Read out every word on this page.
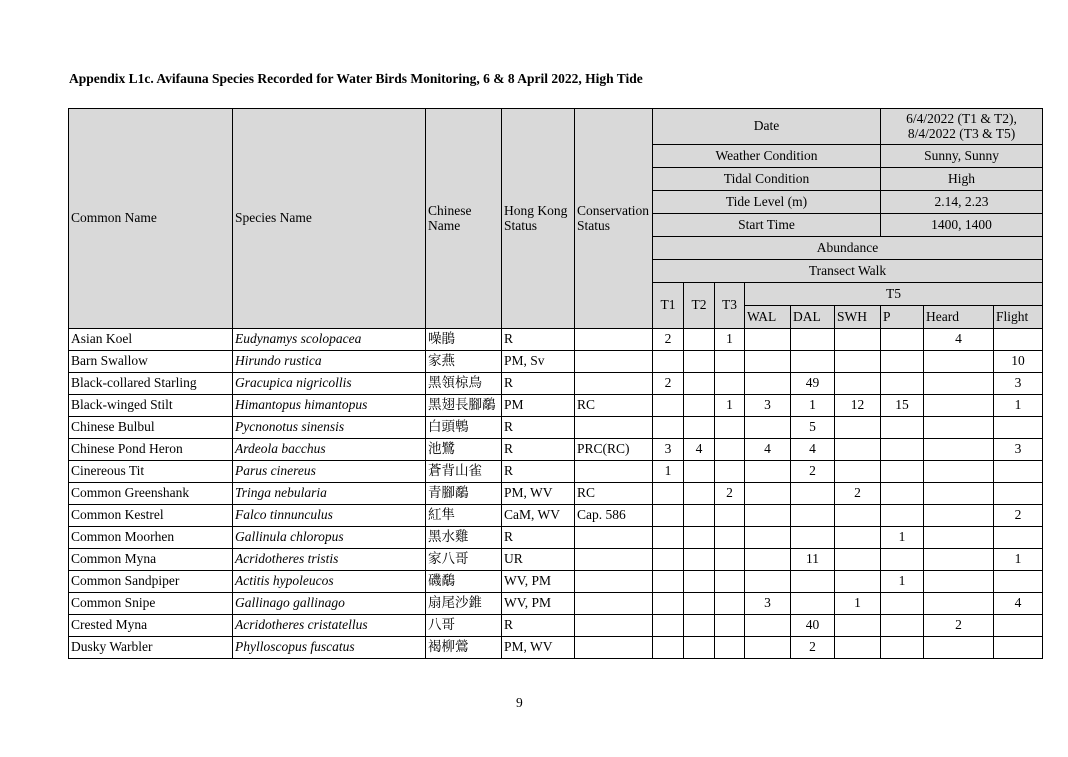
Appendix L1c. Avifauna Species Recorded for Water Birds Monitoring, 6 & 8 April 2022, High Tide
Common Name	Species Name	Chinese Name	Hong Kong Status	Conservation Status	Date						6/4/2022 (T1 & T2), 8/4/2022 (T3 & T5)		
					Weather Condition						Sunny, Sunny		
					Tidal Condition						High		
					Tide Level (m)						2.14, 2.23		
					Start Time						1400, 1400		
					Abundance								
					Transect Walk								
					T1	T2	T3	T5					
								WAL	DAL	SWH	P	Heard	Flight
Asian Koel	Eudynamys scolopacea	噪鵑	R		2		1					4	
Barn Swallow	Hirundo rustica	家燕	PM, Sv										10
Black-collared Starling	Gracupica nigricollis	黑領椋鳥	R		2				49				3
Black-winged Stilt	Himantopus himantopus	黑翅長腳鷸	PM	RC			1	3	1	12	15		1
Chinese Bulbul	Pycnonotus sinensis	白頭鵯	R						5				
Chinese Pond Heron	Ardeola bacchus	池鷺	R	PRC(RC)	3	4		4	4				3
Cinereous Tit	Parus cinereus	蒼背山雀	R		1				2				
Common Greenshank	Tringa nebularia	青腳鷸	PM, WV	RC			2			2			
Common Kestrel	Falco tinnunculus	紅隼	CaM, WV	Cap. 586									2
Common Moorhen	Gallinula chloropus	黑水雞	R								1		
Common Myna	Acridotheres tristis	家八哥	UR						11				1
Common Sandpiper	Actitis hypoleucos	磯鷸	WV, PM								1		
Common Snipe	Gallinago gallinago	扇尾沙錐	WV, PM					3		1			4
Crested Myna	Acridotheres cristatellus	八哥	R						40			2	
Dusky Warbler	Phylloscopus fuscatus	褐柳鶯	PM, WV						2				
9
